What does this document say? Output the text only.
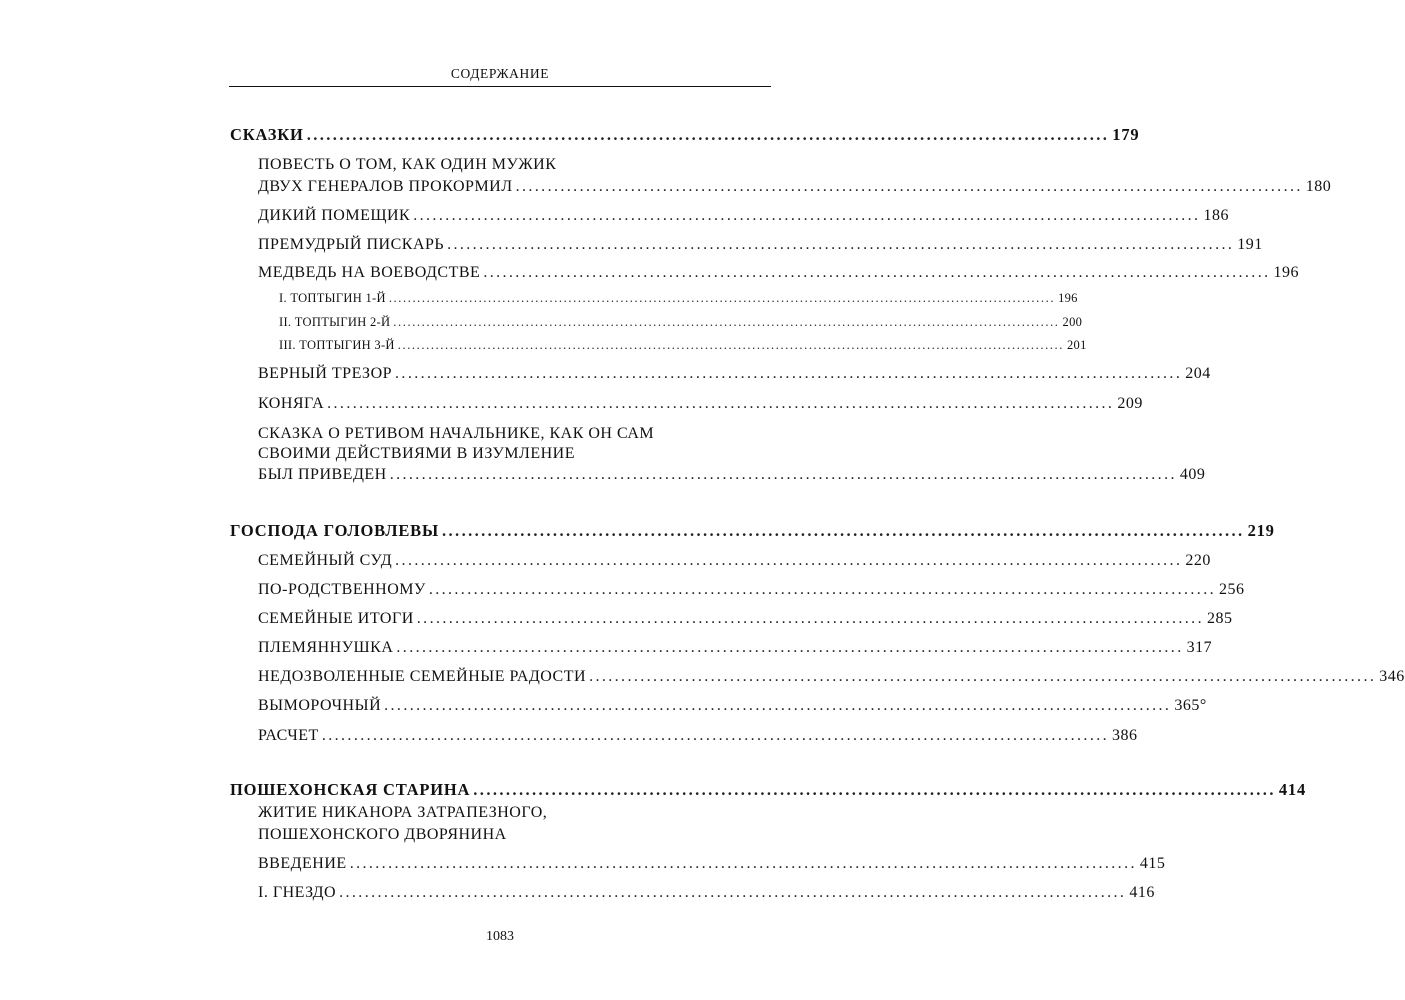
СОДЕРЖАНИЕ
СКАЗКИ ........................................................................................................................... 179
ПОВЕСТЬ О ТОМ, КАК ОДИН МУЖИК
ДВУХ ГЕНЕРАЛОВ ПРОКОРМИЛ ........................................................................................................................... 180
ДИКИЙ ПОМЕЩИК ........................................................................................................................... 186
ПРЕМУДРЫЙ ПИСКАРЬ ........................................................................................................................... 191
МЕДВЕДЬ НА ВОЕВОДСТВЕ ........................................................................................................................... 196
I. ТОПТЫГИН 1-Й ............................................................................................................................................. 196
II. ТОПТЫГИН 2-Й ............................................................................................................................................. 200
III. ТОПТЫГИН 3-Й ............................................................................................................................................. 201
ВЕРНЫЙ ТРЕЗОР ........................................................................................................................... 204
КОНЯГА ........................................................................................................................... 209
СКАЗКА О РЕТИВОМ НАЧАЛЬНИКЕ, КАК ОН САМ
СВОИМИ ДЕЙСТВИЯМИ В ИЗУМЛЕНИЕ
БЫЛ ПРИВЕДЕН ........................................................................................................................... 409
ГОСПОДА ГОЛОВЛЕВЫ ........................................................................................................................... 219
СЕМЕЙНЫЙ СУД ........................................................................................................................... 220
ПО-РОДСТВЕННОМУ ........................................................................................................................... 256
СЕМЕЙНЫЕ ИТОГИ ........................................................................................................................... 285
ПЛЕМЯННУШКА ........................................................................................................................... 317
НЕДОЗВОЛЕННЫЕ СЕМЕЙНЫЕ РАДОСТИ ........................................................................................................................... 346
ВЫМОРОЧНЫЙ ........................................................................................................................... 365°
РАСЧЕТ ........................................................................................................................... 386
ПОШЕХОНСКАЯ СТАРИНА ........................................................................................................................... 414
ЖИТИЕ НИКАНОРА ЗАТРАПЕЗНОГО,
ПОШЕХОНСКОГО ДВОРЯНИНА
ВВЕДЕНИЕ ........................................................................................................................... 415
I. ГНЕЗДО ........................................................................................................................... 416
1083
